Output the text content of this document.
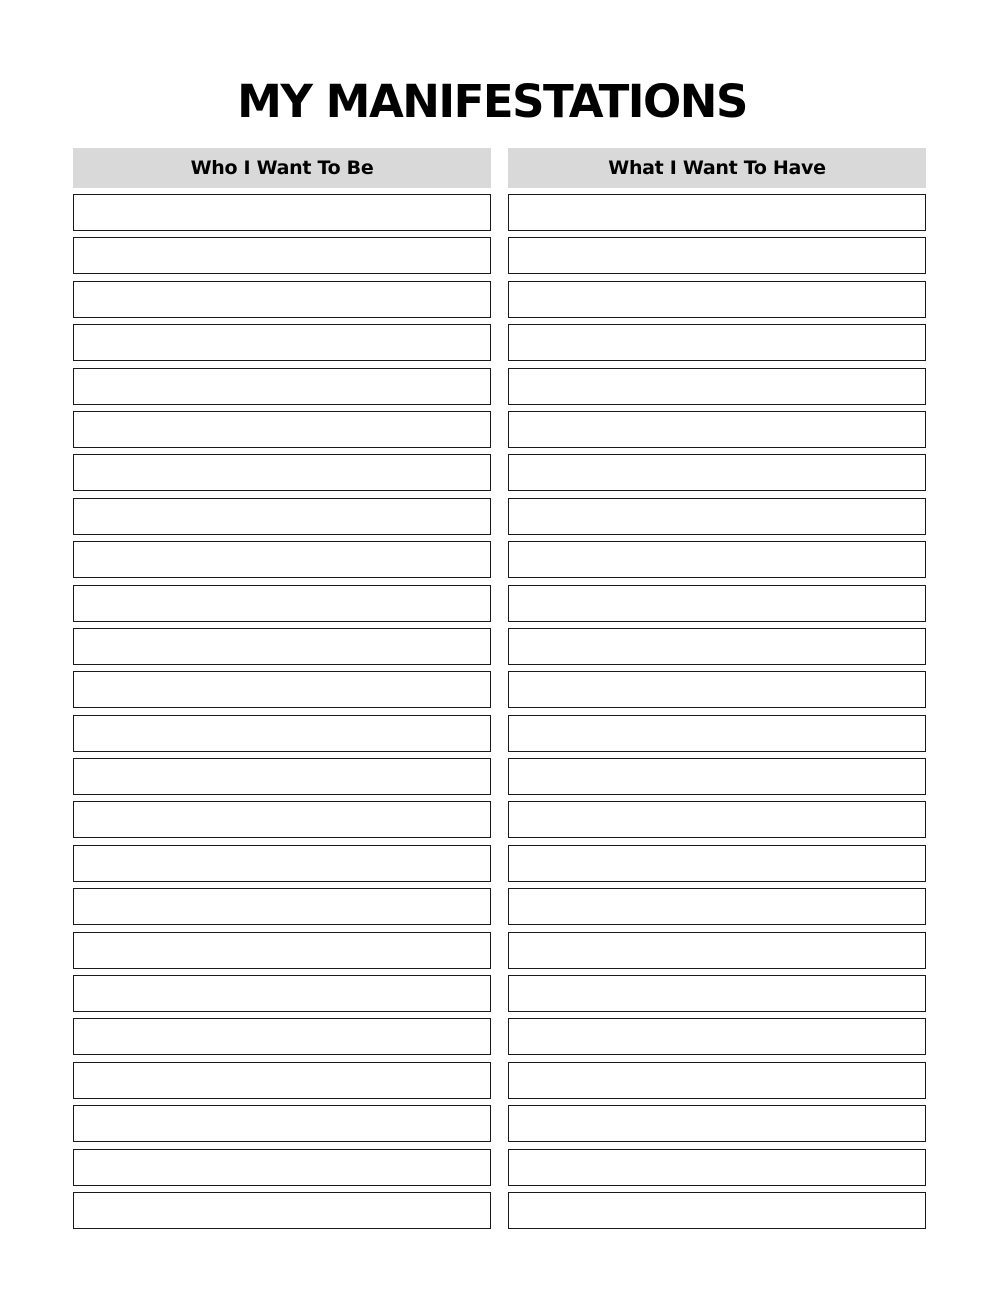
MY MANIFESTATIONS
Who I Want To Be	What I Want To Have
